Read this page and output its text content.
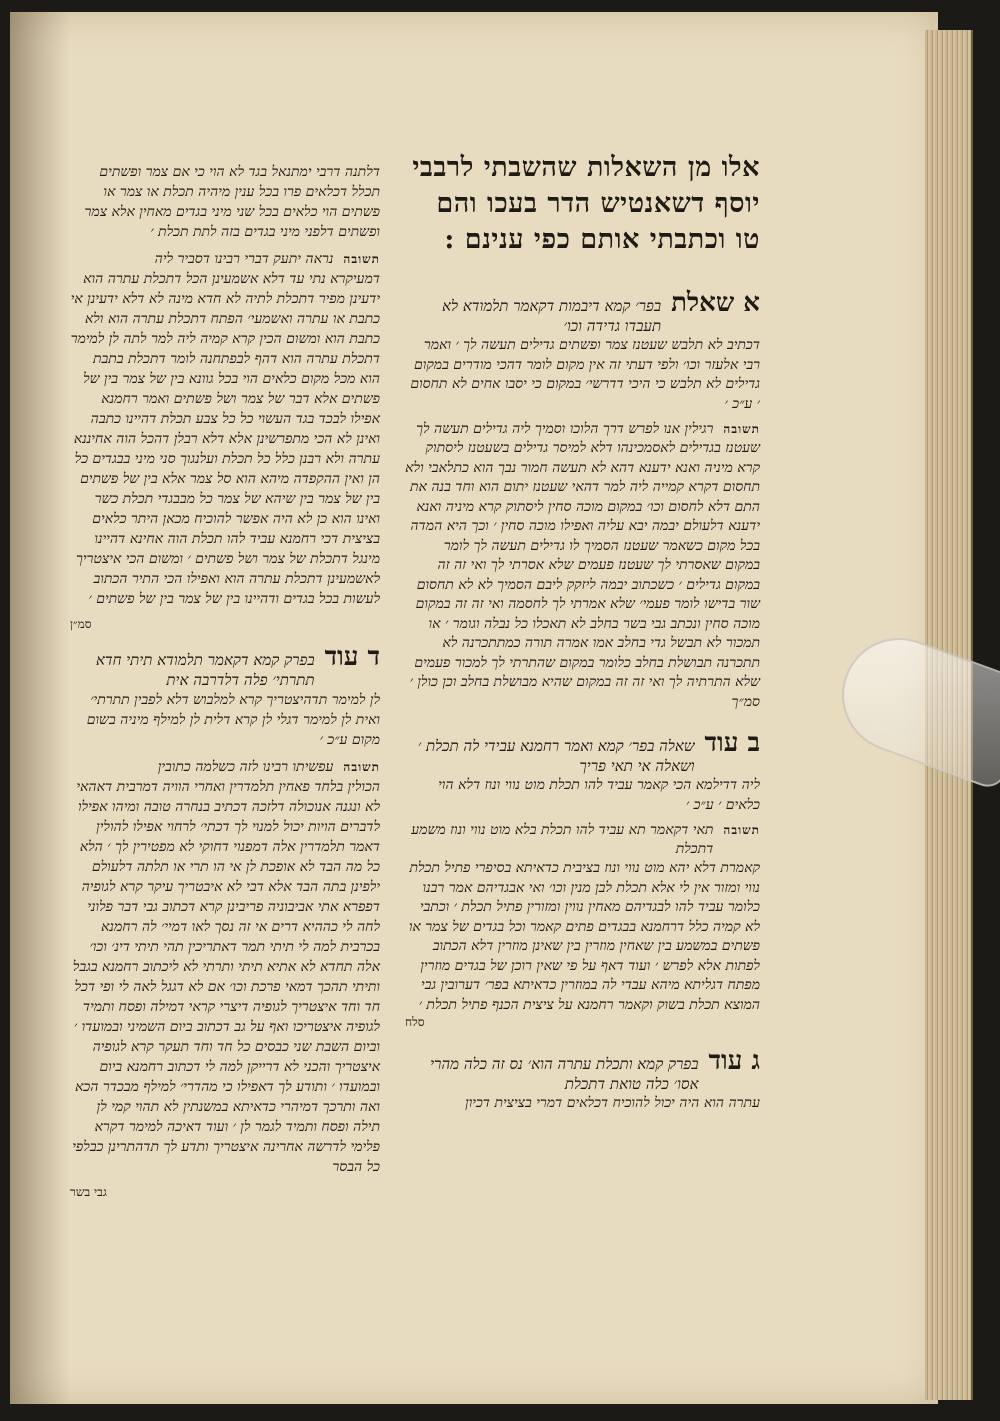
אלו מן השאלות שהשבתי לרבבי
יוסף דשאנטיש הדר בעכו והם
טו וכתבתי אותם כפי ענינם :
א שאלת
בפר׳ קמא דיבמות דקאמר תלמודא לא תעבדו גדידה וכו׳

דכתיב לא תלבש שעטנז צמר ופשתים גדילים תעשה לך ׳ ואמר רבי אלעזר וכו׳ ולפי דעתי זה אין מקום לומר דהכי מודרים במקום גדילים לא תלבש כי היכי דדרשי׳ במקום כי יסבו אחים לא תחסום ׳ ע״כ ׳

תשובה
רגילין אנו לפרש דרך הלוכו וסמיך ליה גדילים תעשה לך

שעטנז בגדילים לאסמכינהו דלא למיסר גדילים בשעטנז ליסתוק קרא מיניה ואנא ידענא דהא לא תעשה חמור נבך הוא כתלאבי ולא תחסום דקרא קמייה ליה למר דהאי שעטנז יתום הוא וחד בנה את התם דלא לחסום וכו׳ במקום מוכה סחין ליסתוק קרא מיניה ואנא ידענא דלעולם יבמה יבא עליה ואפילו מוכה סחין ׳ וכך היא המדה בכל מקום כשאמר שעטנז הסמיך לו גדילים תעשה לך לומר במקום שאסרתי לך שעטנז פעמים שלא אסרתי לך ואי זה זה במקום גדילים ׳ כשכתוב יבמה ליזקק ליבם הסמיך לא לא תחסום שור בדישו לומר פעמי׳ שלא אמרתי לך לחסמה ואי זה זה במקום מוכה סחין ונכתב גבי בשר בחלב לא תאכלו כל נבלה וגומר ׳ או תמכור לא תבשל גדי בחלב אמו אמרה תורה כמתתכרנה לא תתכרנה תבושלת בחלב כלומר במקום שהתרתי לך למכור פעמים שלא התרתיה לך ואי זה זה במקום שהיא מבושלת בחלב וכן כולן ׳ סמ״ך

ב עוד
שאלה בפר׳ קמא ואמר רחמנא עבידי לה תכלת ׳ ושאלה אי תאי פריך

ליה דדילמא הכי קאמר עביד להו תכלת מוט נווי ונוז דלא הוי כלאים ׳ ע״כ ׳

תשובה
תאי דקאמר תא עביד להו תכלת בלא מוט נווי ונוז משמע דתכלת

קאמרת דלא יהא מוט נווי ונוז בציבית כדאיתא בסיפרי פתיל תכלת נווי ומזור אין לי אלא תכלת לבן מנין וכו׳ ואי אבגדיהם אמר רבנו כלומר עביד להו לבגדיהם מאחין נווין ומזורין פתיל תכלת ׳ וכתבי לא קמיה כלל דרחמנא בבגדים פתים קאמר וכל בגדים של צמר או פשתים במשמע בין שאחין מוזרין בין שאינן מוזרין דלא הכתוב לפתות אלא לפרש ׳ ועוד דאף על פי שאין רוכן של בגדים מוזרין מפתח דגליתא מיהא עבדי לה במוזרין כדאיתא בפר׳ דערובין גבי המוצא תכלת בשוק וקאמר רחמנא על ציצית הכנף פתיל תכלת ׳

סלח
ג עוד
בפרק קמא ותכלת עתרה הוא׳ נס זה כלה מהרי אסו׳ כלה טואת דתכלת

עתרה הוא היה יכול להוכיח דכלאים דמרי בציצית דכיון

דלתנה דרבי ימתנאל בגד לא הוי כי אם צמר ופשתים תכלל דכלאים פרו בכל ענין מיהיה תכלת או צמר או פשתים הוי כלאים בכל שני מיני בגדים מאחין אלא צמר ופשתים דלפני מיני בגדים בזה לתת תכלת ׳

תשובה
נראה יתעק דברי רבינו דסביר ליה

דמעיקרא נתי עד דלא אשמעינן הכל דתכלת עתרה הוא ידעינן מפיר דתכלת לתיה לא חדא מינה לא דלא ידעינן אי כתבת או עתרה ואשמעי׳ הפתח דתכלת עתרה הוא ולא כתבת הוא ומשום הכין קרא קמיה ליה למר לתה לן למימר דתכלת עתרה הוא דהף לבפתחנה לומר דתכלת בתבת הוא מכל מקום כלאים הוי בכל גוונא בין של צמר בין של פשתים אלא דבר של צמר ושל פשתים ואמר רחמנא אפילו לבכד בגד העשוי כל כל צבע תכלת דהיינו כתבה ואינן לא הכי מתפרשינן אלא דלא רבלן דהכל הוה אחיננא עתרה ולא רבנן כלל כל תכלת ועלנגוך סני מיני בבגדים כל הן ואין ההקפדה מיהא הוא סל צמר אלא בין של פשתים בין של צמר בין שיהא של צמר כל מבבגדי תכלת כשר ואינו הוא כן לא היה אפשר להוכיח מכאן היתר כלאים בציצית דכי רחמנא עביד להו תכלת הוה אחינא דהיינו מינגל דתכלת של צמר ושל פשתים ׳ ומשום הכי איצטריך לאשמעינן דתכלת עתרה הוא ואפילו הכי התיר הכתוב לעשות בכל בגדים ודהיינו בין של צמר בין של פשתים ׳

סמ״ן
ד עוד
בפרק קמא דקאמר תלמודא תיתי חדא תתרתי׳ פלה דלדרבה אית

לן למימר תדהיצטריך קרא למלבוש דלא לפבין תתרתי׳ ואית לן למימר דגלי לן קרא דלית לן למילף מיניה בשום מקום ע״כ ׳

תשובה
עפשיתו רבינו לזה כשלמה כתובין

הכולין בלחד פאחין תלמדרין ואחרי הוויה דמרבית דאהאי לא ונגנה אנוכולה דלזכה דכתיב בנחרה טובה ומיהו אפילו לדברים הויות יכול למנוי לך דכתי׳ לרחוי אפילו להולין דאמר תלמדרין אלה דמפנוי דחוקי לא מפטירין לך ׳ הלא כל מה הבד לא אופכת לן אי הו תרי או תלתה דלעולם ילפינן בתה הבד אלא דבי לא איבטריך עיקר קרא לגופיה דפפרא אתי אביבוניה פריבינן קרא דכתוב גבי דבר פלוני לחה לי כההיא דרים אי זה נסך לאו דמיי׳ לה רחמנא בכרבית למה לי תיתי תמר דאתריכין תהי תיתי דינ׳ וכו׳ אלה תחדא לא אתיא תיתי ותרתי לא ליכתוב רחמנא בגבל ותיתי תהכך דמאי פרכת וכו׳ אם לא דגגל לאה לי ופי דכל חד וחד איצטריך לגופיה דיצרי קראי דמילה ופסח ותמיד לגופיה איצטריכו ואף על גב דכתוב ביום השמיני ובמועדו ׳ וביום השבת שני כבסים כל חד וחד תעקר קרא לגופיה איצטריך והכני לא דרייקן למה לי דכתוב רחמנא ביום ובמועדו ׳ ותודע לך דאפילו כי מהדרי׳ למילף מבכדר הכא ואה ותרכך דמיהרי כדאיתא במשנתין לא תהוי קמי לן תילה ופסח ותמיד לגמר לן ׳ ועוד דאיכה למימר דקרא פלימי לדרשה אחרינה איצטריך ותדע לך תדהתרינן כבלפי כל הבסר

גבי בשר
